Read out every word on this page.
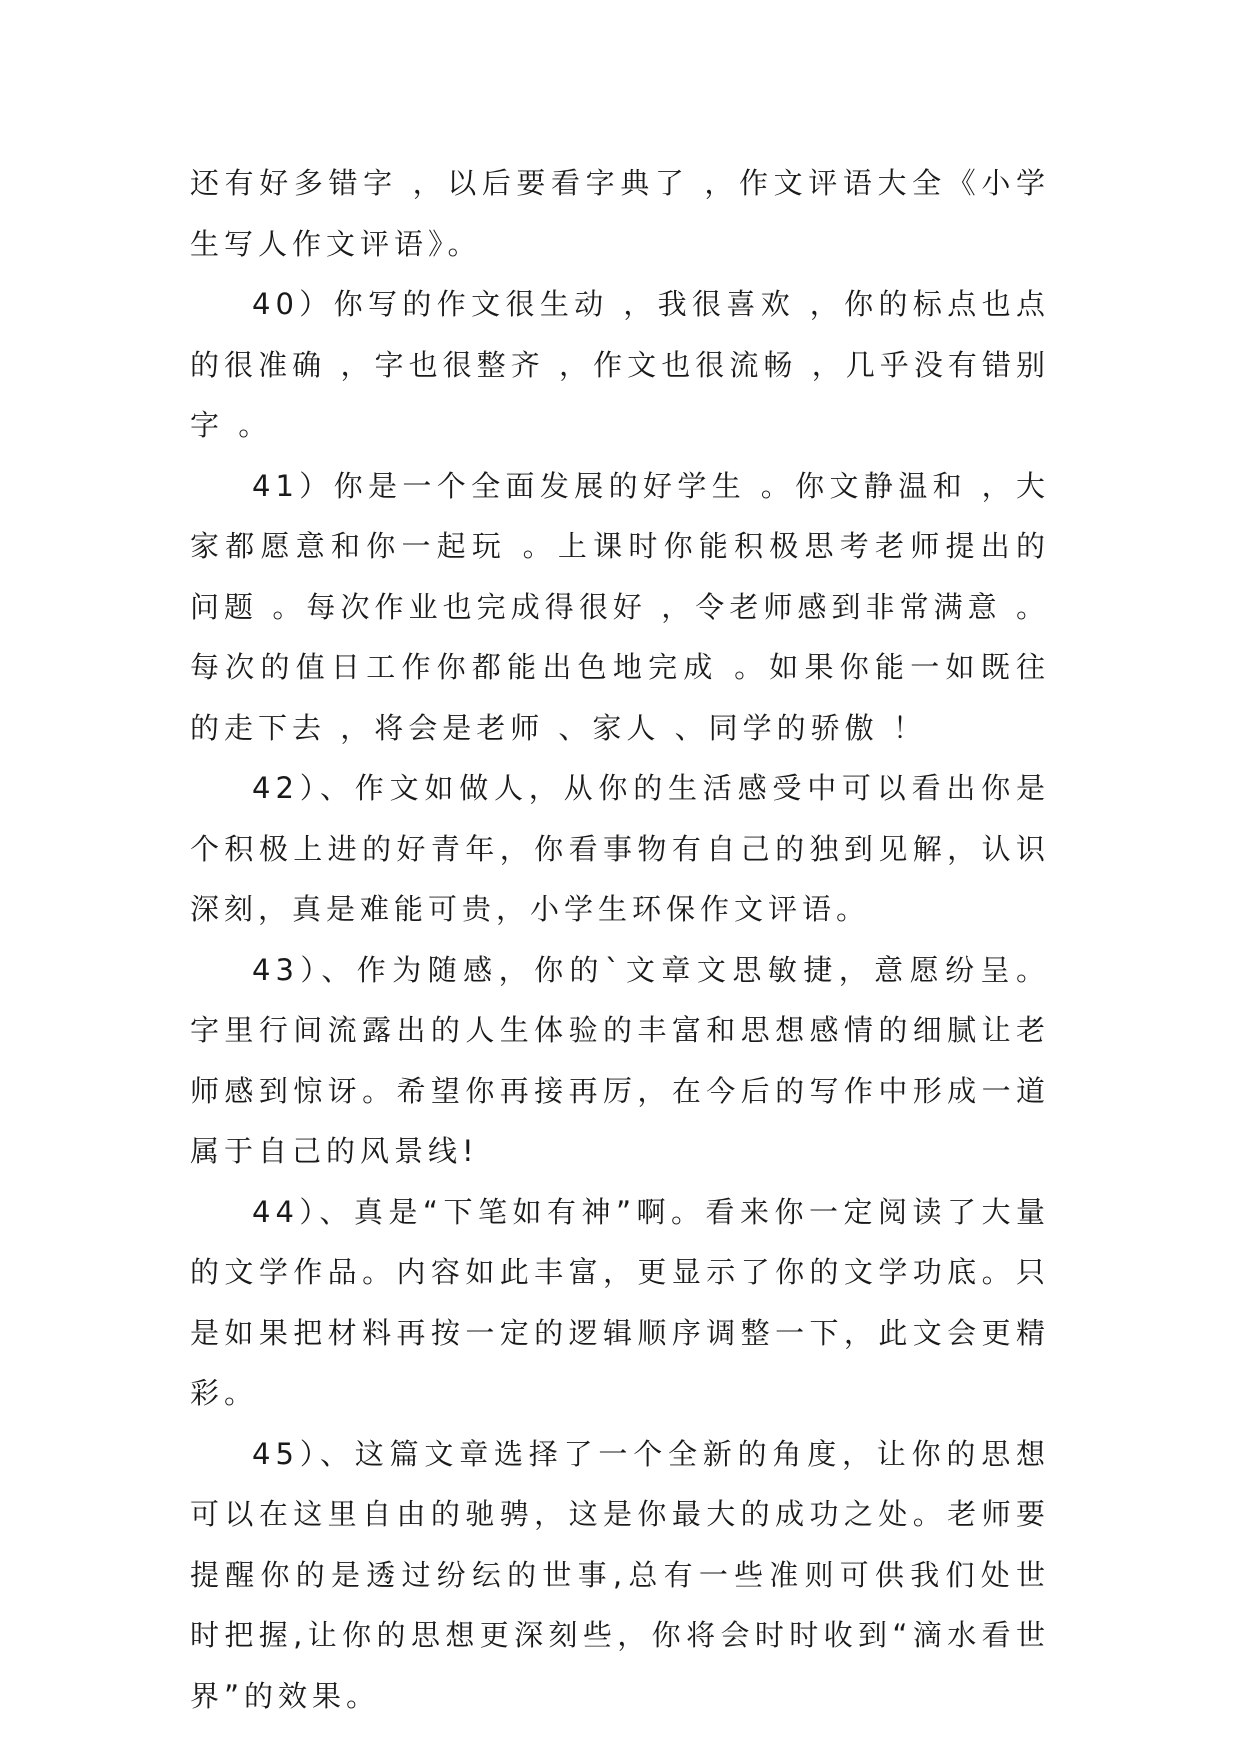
还有好多错字 ，以后要看字典了 ，作文评语大全《小学生写人作文评语》。

40）你写的作文很生动 ，我很喜欢 ，你的标点也点的很准确 ，字也很整齐 ，作文也很流畅 ，几乎没有错别字 。

41）你是一个全面发展的好学生 。你文静温和 ，大家都愿意和你一起玩 。上课时你能积极思考老师提出的问题 。每次作业也完成得很好 ，令老师感到非常满意 。每次的值日工作你都能出色地完成 。如果你能一如既往的走下去 ，将会是老师 、家人 、同学的骄傲 ！

42）、作文如做人，从你的生活感受中可以看出你是个积极上进的好青年，你看事物有自己的独到见解，认识深刻，真是难能可贵，小学生环保作文评语。

43）、作为随感，你的`文章文思敏捷，意愿纷呈。字里行间流露出的人生体验的丰富和思想感情的细腻让老师感到惊讶。希望你再接再厉，在今后的写作中形成一道属于自己的风景线!

44）、真是“下笔如有神”啊。看来你一定阅读了大量的文学作品。内容如此丰富，更显示了你的文学功底。只是如果把材料再按一定的逻辑顺序调整一下，此文会更精彩。

45）、这篇文章选择了一个全新的角度，让你的思想可以在这里自由的驰骋，这是你最大的成功之处。老师要提醒你的是透过纷纭的世事,总有一些准则可供我们处世时把握,让你的思想更深刻些，你将会时时收到“滴水看世界”的效果。
